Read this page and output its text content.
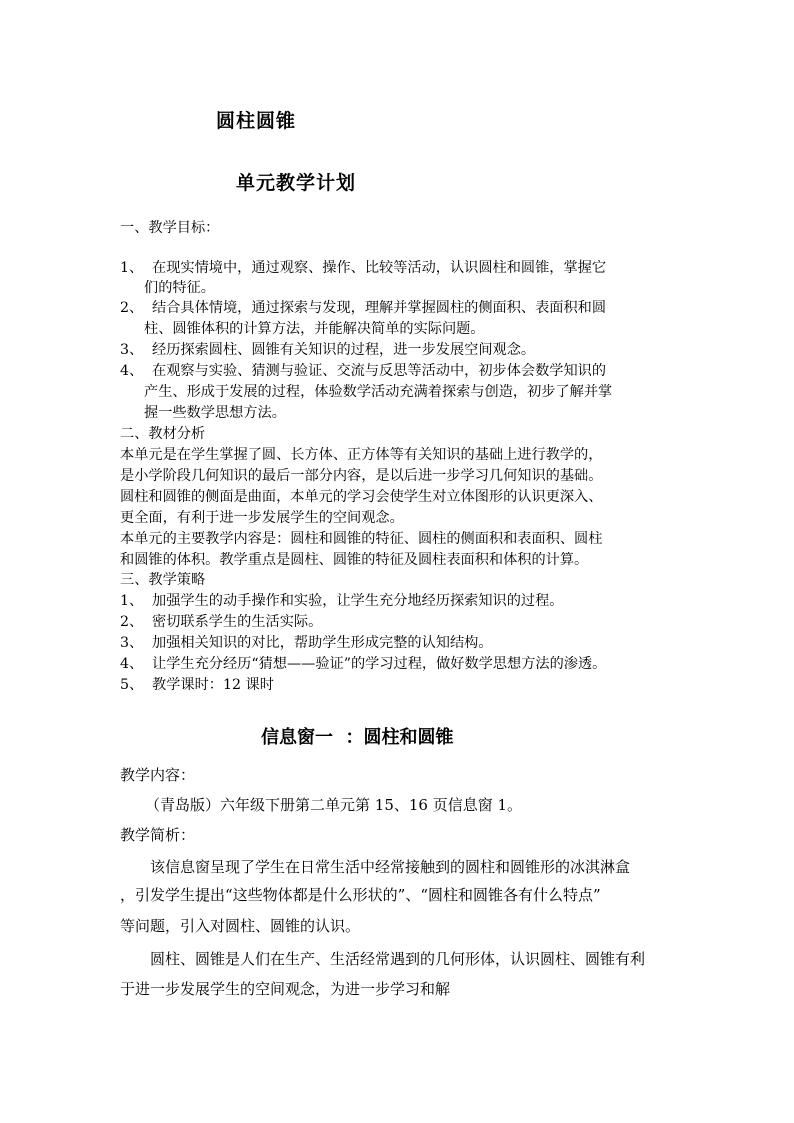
圆柱圆锥
单元教学计划
一、教学目标：
1、 在现实情境中，通过观察、操作、比较等活动，认识圆柱和圆锥，掌握它
们的特征。
2、 结合具体情境，通过探索与发现，理解并掌握圆柱的侧面积、表面积和圆
柱、圆锥体积的计算方法，并能解决简单的实际问题。
3、 经历探索圆柱、圆锥有关知识的过程，进一步发展空间观念。
4、 在观察与实验、猜测与验证、交流与反思等活动中，初步体会数学知识的
产生、形成于发展的过程，体验数学活动充满着探索与创造，初步了解并掌
握一些数学思想方法。
二、教材分析
本单元是在学生掌握了圆、长方体、正方体等有关知识的基础上进行教学的，
是小学阶段几何知识的最后一部分内容，是以后进一步学习几何知识的基础。
圆柱和圆锥的侧面是曲面，本单元的学习会使学生对立体图形的认识更深入、
更全面，有利于进一步发展学生的空间观念。
本单元的主要教学内容是：圆柱和圆锥的特征、圆柱的侧面积和表面积、圆柱
和圆锥的体积。教学重点是圆柱、圆锥的特征及圆柱表面积和体积的计算。
三、教学策略
1、 加强学生的动手操作和实验，让学生充分地经历探索知识的过程。
2、 密切联系学生的生活实际。
3、 加强相关知识的对比，帮助学生形成完整的认知结构。
4、 让学生充分经历“猜想——验证”的学习过程，做好数学思想方法的渗透。
5、 教学课时：12 课时
信息窗一  ：圆柱和圆锥
教学内容：
（青岛版）六年级下册第二单元第 15、16 页信息窗 1。
教学简析：
该信息窗呈现了学生在日常生活中经常接触到的圆柱和圆锥形的冰淇淋盒
，引发学生提出“这些物体都是什么形状的”、“圆柱和圆锥各有什么特点”
等问题，引入对圆柱、圆锥的认识。
圆柱、圆锥是人们在生产、生活经常遇到的几何形体，认识圆柱、圆锥有利
于进一步发展学生的空间观念，为进一步学习和解
